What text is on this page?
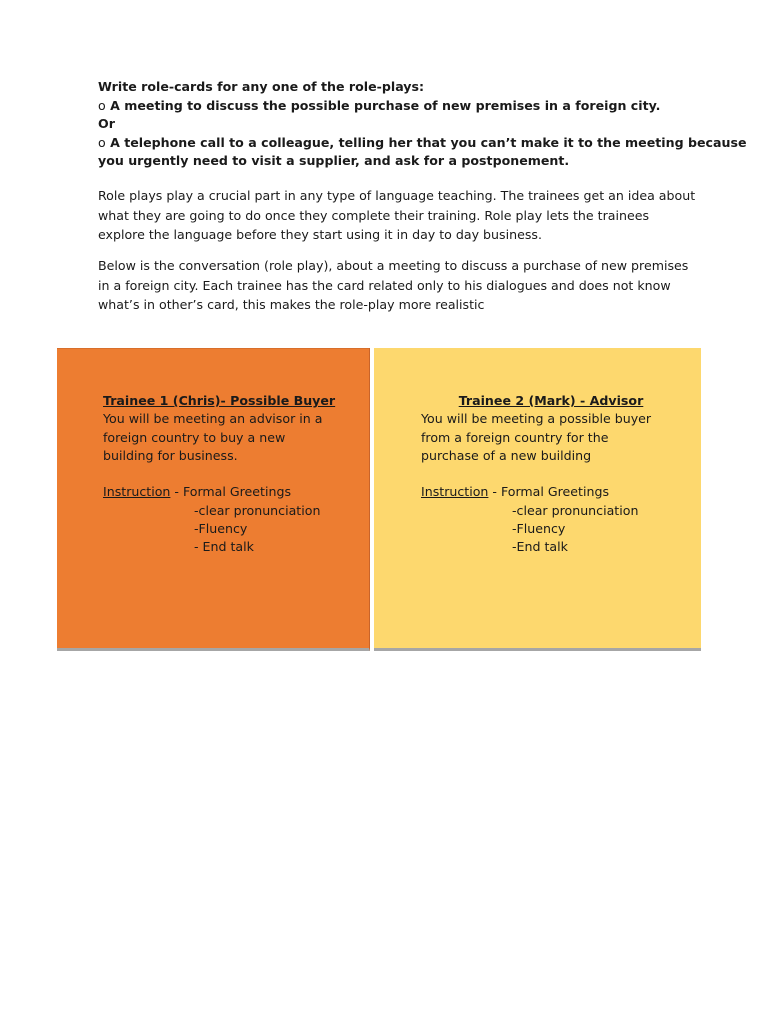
Write role-cards for any one of the role-plays:
o A meeting to discuss the possible purchase of new premises in a foreign city.
Or
o A telephone call to a colleague, telling her that you can’t make it to the meeting because
you urgently need to visit a supplier, and ask for a postponement.
Role plays play a crucial part in any type of language teaching. The trainees get an idea about
what they are going to do once they complete their training. Role play lets the trainees
explore the language before they start using it in day to day business.
Below is the conversation (role play), about a meeting to discuss a purchase of new premises
in a foreign city. Each trainee has the card related only to his dialogues and does not know
what’s in other’s card, this makes the role-play more realistic
Trainee 1 (Chris)- Possible Buyer
You will be meeting an advisor in a
foreign country to buy a new
building for business.
Instruction - Formal Greetings
-clear pronunciation
-Fluency
- End talk
Trainee 2 (Mark) - Advisor
You will be meeting a possible buyer
from a foreign country for the
purchase of a new building
Instruction - Formal Greetings
-clear pronunciation
-Fluency
-End talk
